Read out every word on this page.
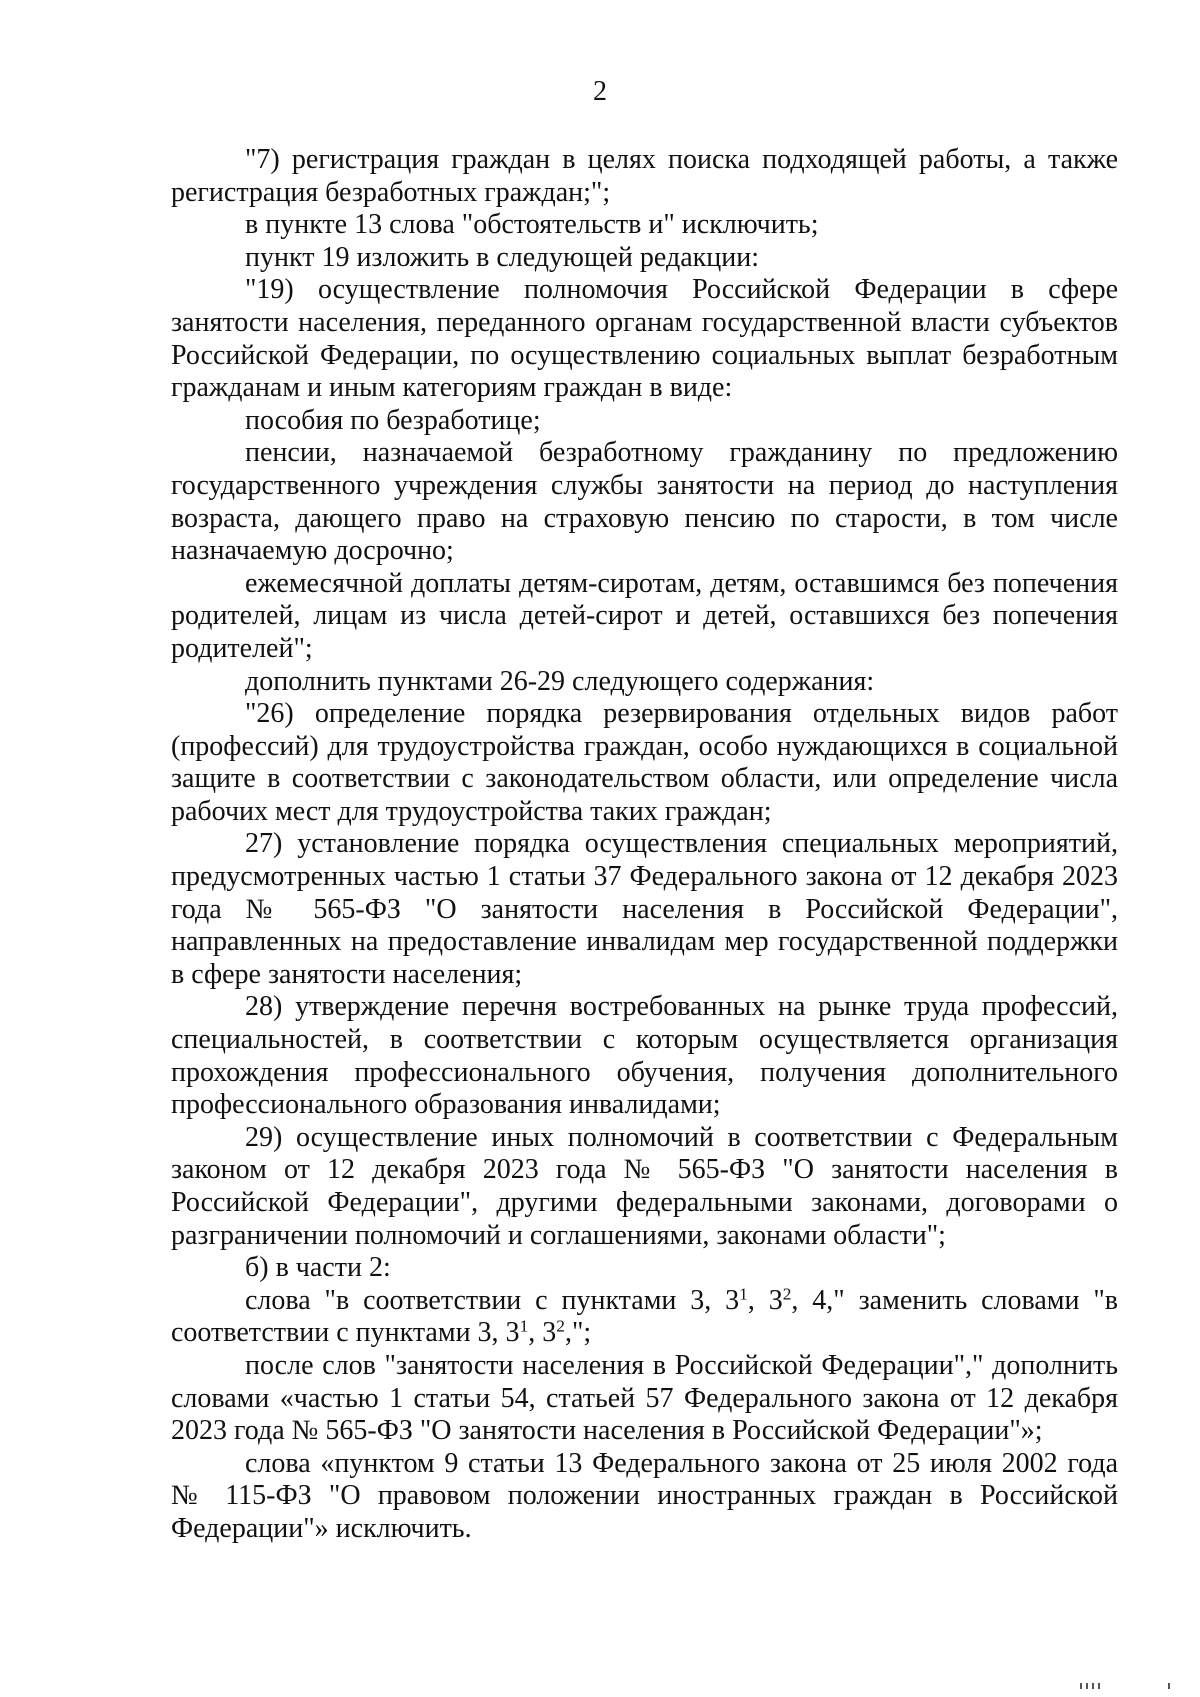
2

"7) регистрация граждан в целях поиска подходящей работы, а также регистрация безработных граждан;";

в пункте 13 слова "обстоятельств и" исключить;

пункт 19 изложить в следующей редакции:

"19) осуществление полномочия Российской Федерации в сфере занятости населения, переданного органам государственной власти субъектов Российской Федерации, по осуществлению социальных выплат безработным гражданам и иным категориям граждан в виде:

пособия по безработице;

пенсии, назначаемой безработному гражданину по предложению государственного учреждения службы занятости на период до наступления возраста, дающего право на страховую пенсию по старости, в том числе назначаемую досрочно;

ежемесячной доплаты детям-сиротам, детям, оставшимся без попечения родителей, лицам из числа детей-сирот и детей, оставшихся без попечения родителей";

дополнить пунктами 26-29 следующего содержания:

"26) определение порядка резервирования отдельных видов работ (профессий) для трудоустройства граждан, особо нуждающихся в социальной защите в соответствии с законодательством области, или определение числа рабочих мест для трудоустройства таких граждан;

27) установление порядка осуществления специальных мероприятий, предусмотренных частью 1 статьи 37 Федерального закона от 12 декабря 2023 года № 565-ФЗ "О занятости населения в Российской Федерации", направленных на предоставление инвалидам мер государственной поддержки в сфере занятости населения;

28) утверждение перечня востребованных на рынке труда профессий, специальностей, в соответствии с которым осуществляется организация прохождения профессионального обучения, получения дополнительного профессионального образования инвалидами;

29) осуществление иных полномочий в соответствии с Федеральным законом от 12 декабря 2023 года № 565-ФЗ "О занятости населения в Российской Федерации", другими федеральными законами, договорами о разграничении полномочий и соглашениями, законами области";

б) в части 2:

слова "в соответствии с пунктами 3, $3^1$, $3^2$, 4," заменить словами "в соответствии с пунктами 3, $3^1$, $3^2$,";

после слов "занятости населения в Российской Федерации"," дополнить словами «частью 1 статьи 54, статьей 57 Федерального закона от 12 декабря 2023 года № 565-ФЗ "О занятости населения в Российской Федерации"»;

слова «пунктом 9 статьи 13 Федерального закона от 25 июля 2002 года № 115-ФЗ "О правовом положении иностранных граждан в Российской Федерации"» исключить.
